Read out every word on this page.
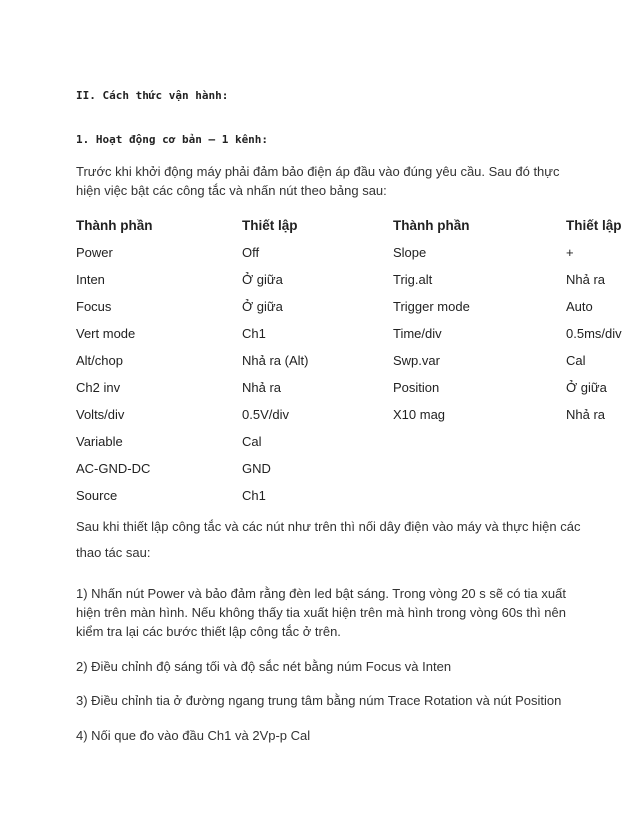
II. Cách thức vận hành:
1. Hoạt động cơ bản – 1 kênh:
Trước khi khởi động máy phải đảm bảo điện áp đầu vào đúng yêu cầu. Sau đó thực
hiện việc bật các công tắc và nhấn nút theo bảng sau:
Thành phần	Thiết lập	Thành phần	Thiết lập
Power	Off	Slope	+
Inten	Ở giữa	Trig.alt	Nhả ra
Focus	Ở giữa	Trigger mode	Auto
Vert mode	Ch1	Time/div	0.5ms/div
Alt/chop	Nhả ra (Alt)	Swp.var	Cal
Ch2 inv	Nhả ra	Position	Ở giữa
Volts/div	0.5V/div	X10 mag	Nhả ra
Variable	Cal
AC-GND-DC	GND
Source	Ch1
Sau khi thiết lập công tắc và các nút như trên thì nối dây điện vào máy và thực hiện các
thao tác sau:
1) Nhấn nút Power và bảo đảm rằng đèn led bật sáng. Trong vòng 20 s sẽ có tia xuất
hiện trên màn hình. Nếu không thấy tia xuất hiện trên mà hình trong vòng 60s thì nên
kiểm tra lại các bước thiết lập công tắc ở trên.
2) Điều chỉnh độ sáng tối và độ sắc nét bằng núm Focus và Inten
3) Điều chỉnh tia ở đường ngang trung tâm bằng núm Trace Rotation và nút Position
4) Nối que đo vào đầu Ch1 và 2Vp-p Cal
